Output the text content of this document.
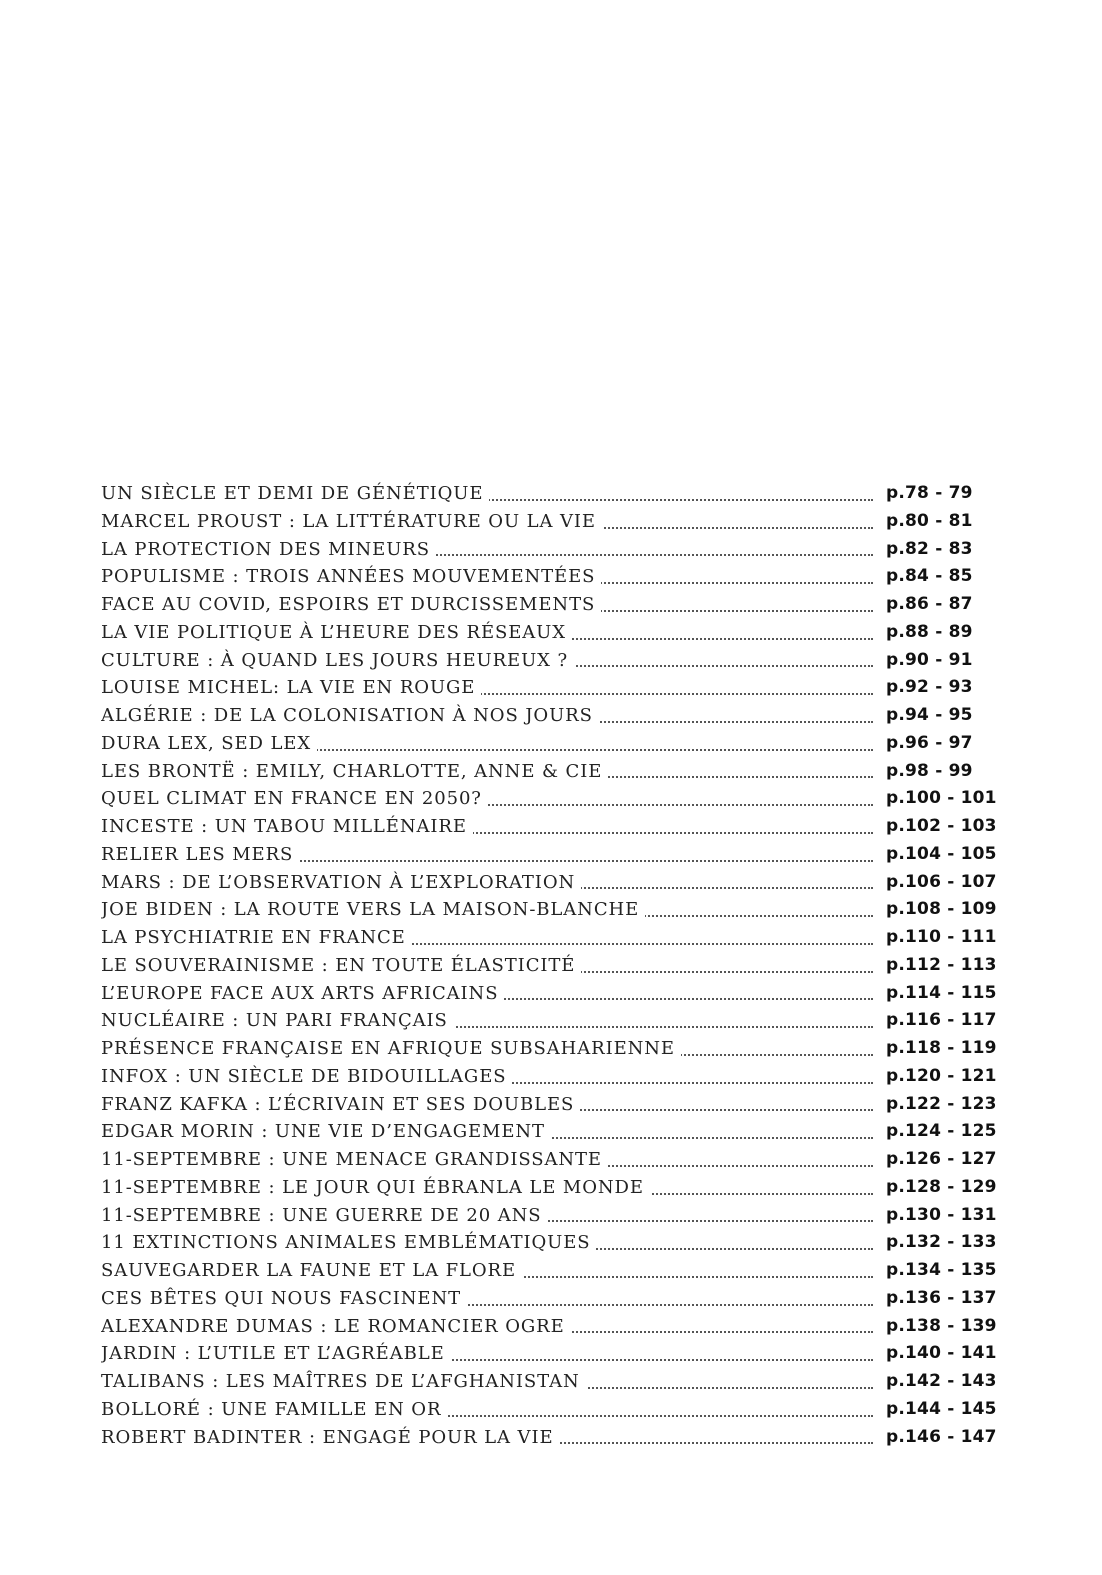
UN SIÈCLE ET DEMI DE GÉNÉTIQUE	p.78 - 79
MARCEL PROUST : LA LITTÉRATURE OU LA VIE	p.80 - 81
LA PROTECTION DES MINEURS	p.82 - 83
POPULISME : TROIS ANNÉES MOUVEMENTÉES	p.84 - 85
FACE AU COVID, ESPOIRS ET DURCISSEMENTS	p.86 - 87
LA VIE POLITIQUE À L’HEURE DES RÉSEAUX	p.88 - 89
CULTURE : À QUAND LES JOURS HEUREUX ?	p.90 - 91
LOUISE MICHEL: LA VIE EN ROUGE	p.92 - 93
ALGÉRIE : DE LA COLONISATION À NOS JOURS	p.94 - 95
DURA LEX, SED LEX	p.96 - 97
LES BRONTË : EMILY, CHARLOTTE, ANNE & CIE	p.98 - 99
QUEL CLIMAT EN FRANCE EN 2050?	p.100 - 101
INCESTE : UN TABOU MILLÉNAIRE	p.102 - 103
RELIER LES MERS	p.104 - 105
MARS : DE L’OBSERVATION À L’EXPLORATION	p.106 - 107
JOE BIDEN : LA ROUTE VERS LA MAISON-BLANCHE	p.108 - 109
LA PSYCHIATRIE EN FRANCE	p.110 - 111
LE SOUVERAINISME : EN TOUTE ÉLASTICITÉ	p.112 - 113
L’EUROPE FACE AUX ARTS AFRICAINS	p.114 - 115
NUCLÉAIRE : UN PARI FRANÇAIS	p.116 - 117
PRÉSENCE FRANÇAISE EN AFRIQUE SUBSAHARIENNE	p.118 - 119
INFOX : UN SIÈCLE DE BIDOUILLAGES	p.120 - 121
FRANZ KAFKA : L’ÉCRIVAIN ET SES DOUBLES	p.122 - 123
EDGAR MORIN : UNE VIE D’ENGAGEMENT	p.124 - 125
11-SEPTEMBRE : UNE MENACE GRANDISSANTE	p.126 - 127
11-SEPTEMBRE : LE JOUR QUI ÉBRANLA LE MONDE	p.128 - 129
11-SEPTEMBRE : UNE GUERRE DE 20 ANS	p.130 - 131
11 EXTINCTIONS ANIMALES EMBLÉMATIQUES	p.132 - 133
SAUVEGARDER LA FAUNE ET LA FLORE	p.134 - 135
CES BÊTES QUI NOUS FASCINENT	p.136 - 137
ALEXANDRE DUMAS : LE ROMANCIER OGRE	p.138 - 139
JARDIN : L’UTILE ET L’AGRÉABLE	p.140 - 141
TALIBANS : LES MAÎTRES DE L’AFGHANISTAN	p.142 - 143
BOLLORÉ : UNE FAMILLE EN OR	p.144 - 145
ROBERT BADINTER : ENGAGÉ POUR LA VIE	p.146 - 147
